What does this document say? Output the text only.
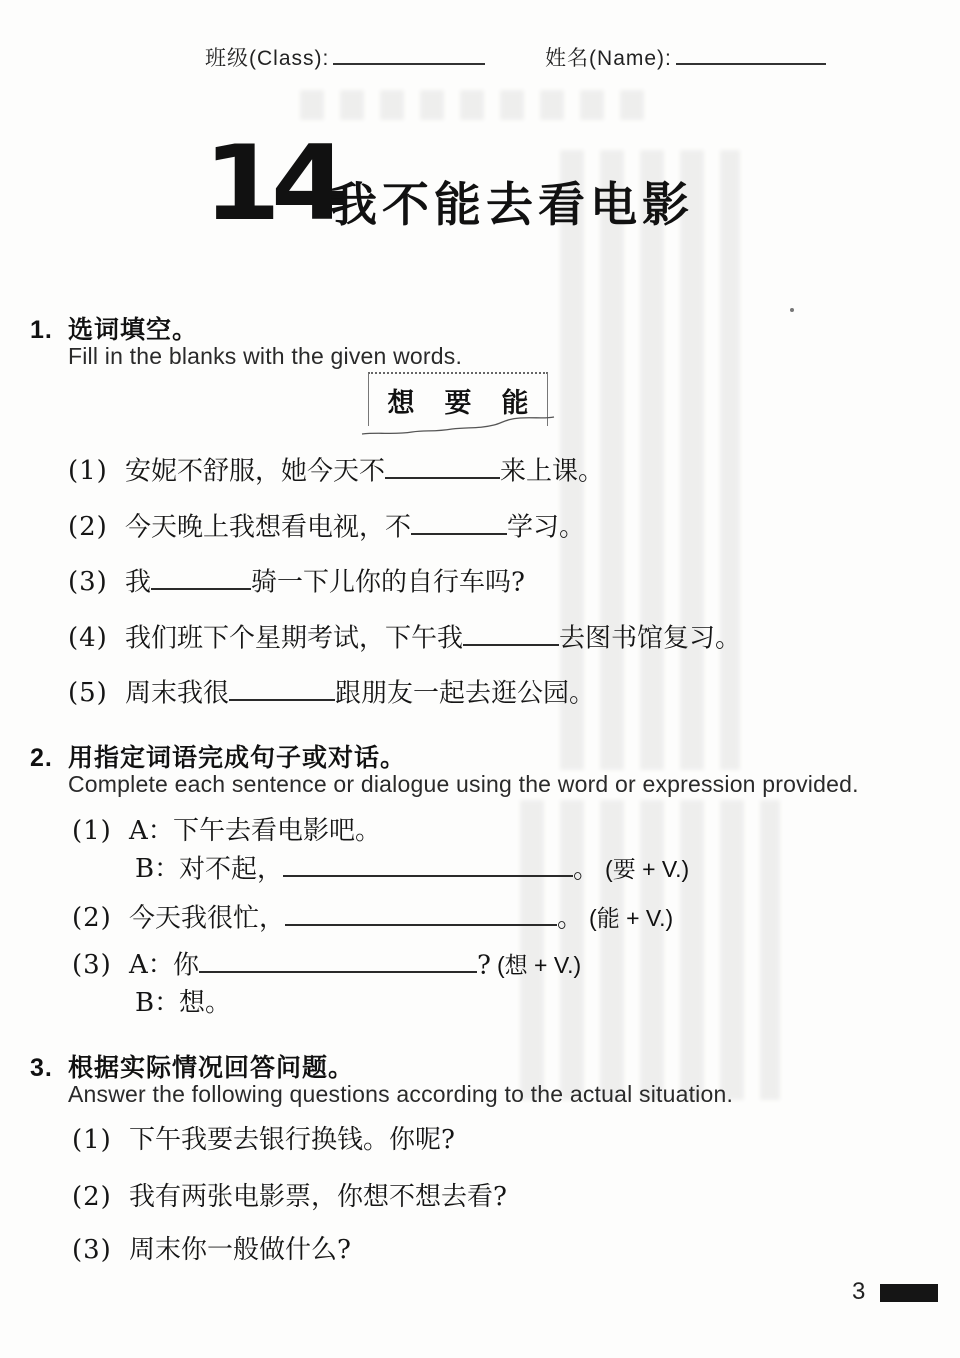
班级(Class):	姓名(Name):
14
我不能去看电影
1. 选词填空。
Fill in the blanks with the given words.
想 要 能
(1) 安妮不舒服，她今天不	来上课。
(2) 今天晚上我想看电视，不	学习。
(3) 我	骑一下儿你的自行车吗?
(4) 我们班下个星期考试，下午我	去图书馆复习。
(5) 周末我很	跟朋友一起去逛公园。
2. 用指定词语完成句子或对话。
Complete each sentence or dialogue using the word or expression provided.
(1) A：下午去看电影吧。
B：对不起，	。 (要 + V.)
(2) 今天我很忙，	。 (能 + V.)
(3) A：你	? (想 + V.)
B：想。
3. 根据实际情况回答问题。
Answer the following questions according to the actual situation.
(1) 下午我要去银行换钱。你呢?
(2) 我有两张电影票，你想不想去看?
(3) 周末你一般做什么?
3
